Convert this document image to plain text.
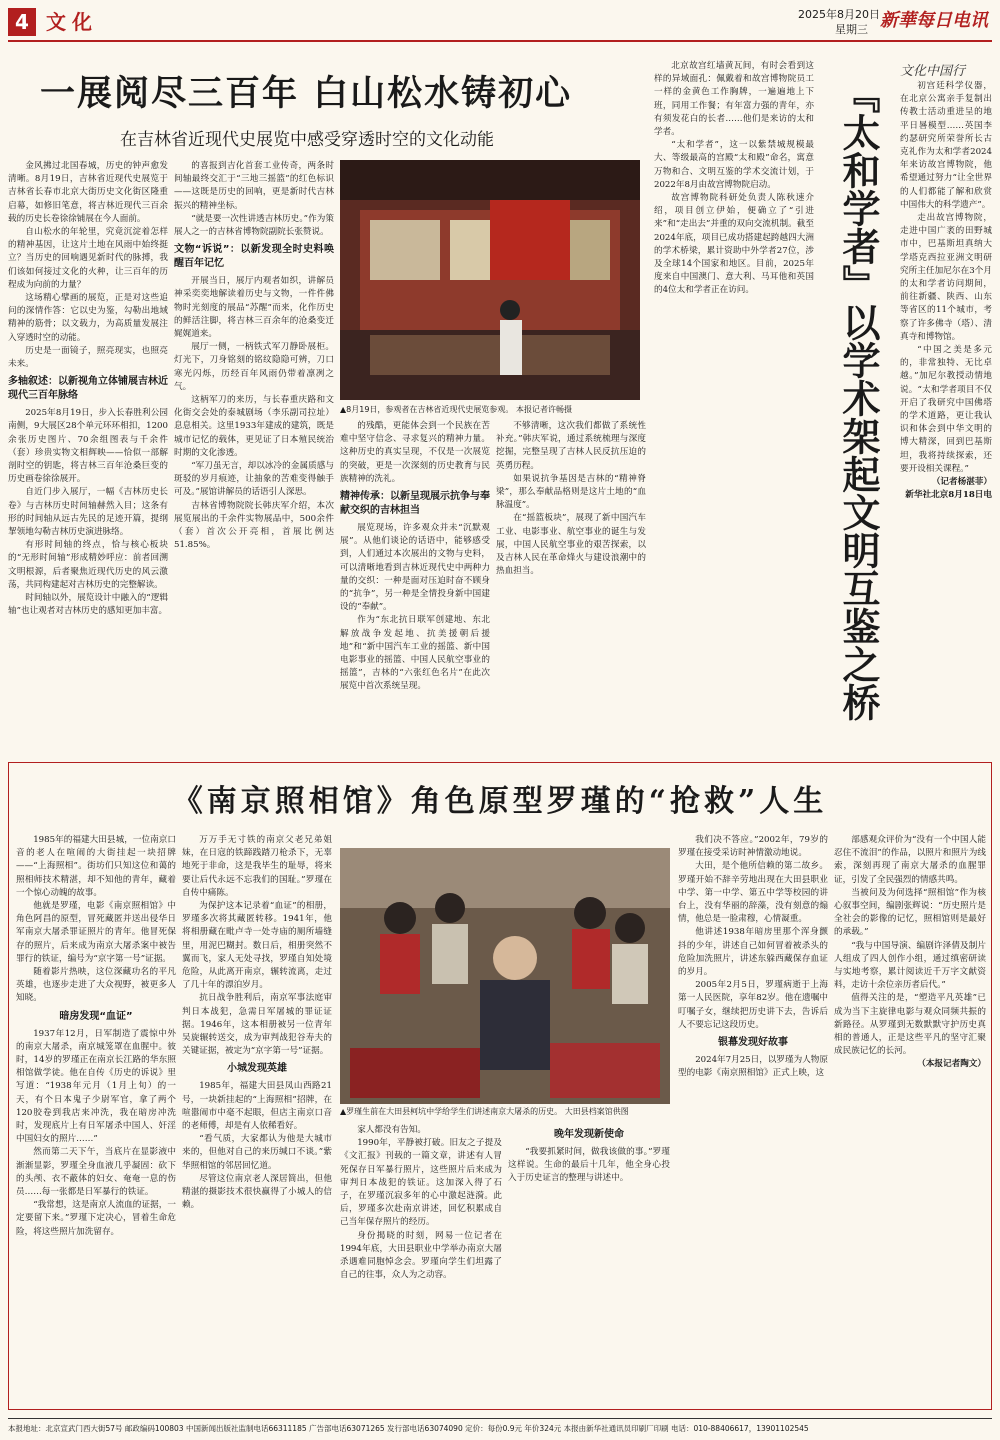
4 文化	2025年8月20日
星期三 新華每日电讯
一展阅尽三百年 白山松水铸初心
在吉林省近现代史展览中感受穿透时空的文化动能

金风拂过北国春城，历史的钟声愈发清晰。8月19日，吉林省近现代史展览于吉林省长春市北京大街历史文化街区隆重启幕，如修旧笔意，将吉林近现代三百余载的历史长卷徐徐铺展在今人面前。

自山松水的年轮里，究竟沉淀着怎样的精神基因，让这片土地在风雨中始终挺立？当历史的回响遇见新时代的脉搏，我们该如何接过文化的火种，让三百年的历程成为向前的力量？

这场精心擘画的展览，正是对这些追问的深情作答：它以史为鉴，勾勒出地域精神的筋骨；以文载力，为高质量发展注入穿透时空的动能。

历史是一面镜子，照亮现实，也照亮未来。

多轴叙述：以新视角立体铺展吉林近现代三百年脉络

2025年8月19日，步入长春胜利公园南侧，9大展区28个单元环环相扣，1200余张历史图片、70余组图表与千余件（套）珍贵实物文相辉映——恰似一部解剖时空的钥匙，将吉林三百年沧桑巨变的历史画卷徐徐展开。

自近门步入展厅，一幅《吉林历史长卷》与吉林历史时间轴赫然入目；这条有形的时间轴从远古先民的足迹开篇，提纲挈领地勾勒吉林历史演进脉络。

有形时间轴的终点，恰与核心板块的“无形时间轴”形成精妙呼应：前者回溯文明根源，后者聚焦近现代历史的风云激荡，共同构建起对吉林历史的完整解读。

时间轴以外，展览设计中融入的“逻辑轴”也让观者对吉林历史的感知更加丰富。

的喜报到吉化首套工业传奇，两条时间轴最终交汇于“三地三摇篮”的红色标识——这既是历史的回响，更是新时代吉林振兴的精神坐标。

“就是要一次性讲透吉林历史。”作为策展人之一的吉林省博物院副院长张赞说。

文物“诉说”：以新发现全时史料唤醒百年记忆

开展当日，展厅内观者如织，讲解员神采奕奕地解读着历史与文物，一件件佛物时光刻度的展品“苏醒”而来，化作历史的鲜活注脚，将吉林三百余年的沧桑变迁娓娓道来。

展厅一侧，一柄铁式军刀静卧展柜。灯光下，刀身铭刻的铭纹隐隐可辨，刀口寒光闪烁，历经百年风雨仍带着凛冽之气。

这柄军刀的来历，与长春重庆路和文化街交会处的泰城剧场（李乐副司拉址）息息相关。这里1933年建成的建筑，既是城市记忆的载体，更见证了日本殖民统治时期的文化渗透。

“军刀虽无言，却以冰冷的金属质感与斑驳的岁月痕迹，让抽象的苦难变得触手可及。”展馆讲解员的话语引人深思。

吉林省博物院院长韩庆军介绍，本次展览展出的千余件实物展品中，500余件（套）首次公开亮相，首展比例达51.85%。

▲8月19日，参观者在吉林省近现代史展览参观。 本报记者许畅摄

的残酷，更能体会到一个民族在苦难中坚守信念、寻求复兴的精神力量。这种历史的真实呈现，不仅是一次展览的突破，更是一次深刻的历史教育与民族精神的洗礼。

精神传承：以新呈现展示抗争与奉献交织的吉林担当

展览现场，许多观众并未“沉默观展”。从他们谈论的话语中，能够感受到，人们通过本次展出的文物与史料，可以清晰地看到吉林近现代史中两种力量的交织：一种是面对压迫时奋不顾身的“抗争”，另一种是全情投身新中国建设的“奉献”。

作为“东北抗日联军创建地、东北解放战争发起地、抗美援朝后援地”和“新中国汽车工业的摇篮、新中国电影事业的摇篮、中国人民航空事业的摇篮”，吉林的“六张红色名片”在此次展览中首次系统呈现。

不够清晰，这次我们都做了系统性补充。”韩庆军说，通过系统梳理与深度挖掘，完整呈现了吉林人民反抗压迫的英勇历程。

如果说抗争基因是吉林的“精神脊梁”，那么奉献品格则是这片土地的“血脉温度”。

在“摇篮板块”，展现了新中国汽车工业、电影事业、航空事业的诞生与发展，中国人民航空事业的艰苦探索，以及吉林人民在革命烽火与建设浪潮中的热血担当。

北京故宫红墙黄瓦间，有时会看到这样的异域面孔：佩戴着和故宫博物院员工一样的金黄色工作胸牌，一遍遍地上下班，同用工作餐；有年富力强的青年，亦有须发花白的长者……他们是来访的太和学者。

“太和学者”，这一以紫禁城规模最大、等级最高的宫殿“太和殿”命名，寓意万物和合、文明互鉴的学术交流计划，于2022年8月由故宫博物院启动。

故宫博物院科研处负责人陈秋速介绍，项目创立伊始，便确立了“引进来”和“走出去”并重的双向交流机制。截至2024年底，项目已成功搭建起跨越四大洲的学术桥梁，累计资助中外学者27位，涉及全球14个国家和地区。目前，2025年度来自中国澳门、意大利、马耳他和英国的4位太和学者正在访问。

文化中国行
『太和学者』以学术架起文明互鉴之桥	初宫廷科学仪器，在北京公寓亲手复制出传教士活动重进呈的地平日晷模型……英国李约瑟研究所荣誉所长古克礼作为太和学者2024年来访故宫博物院，他希望通过努力“让全世界的人们都能了解和欣赏中国伟大的科学遗产”。

走出故宫博物院，走进中国广袤的田野城市中，巴基斯坦真纳大学塔克西拉亚洲文明研究所主任加尼尔在3个月的太和学者访问期间，前往新疆、陕西、山东等省区的11个城市，考察了许多佛寺（塔）、清真寺和博物馆。

“中国之美是多元的，非常独特、无比卓越。”加尼尔教授动情地说。“太和学者项目不仅开启了我研究中国佛塔的学术道路，更让我认识和体会到中华文明的博大精深，回到巴基斯坦，我将持续探索，还要开设相关课程。”

（记者杨湛菲）
新华社北京8月18日电
《南京照相馆》角色原型罗瑾的“抢救”人生

1985年的福建大田县城，一位南京口音的老人在喧闹的大街挂起一块招牌——“上海照相”。街坊们只知这位和蔼的照相师技术精湛，却不知他的青年，藏着一个惊心动魄的故事。

他就是罗瑾，电影《南京照相馆》中角色阿昌的原型，冒死藏匿并送出侵华日军南京大屠杀罪证照片的青年。他冒死保存的照片，后来成为南京大屠杀案中被告罪行的铁证，编号为“京字第一号”证据。

随着影片热映，这位深藏功名的平凡英雄，也逐步走进了大众视野，被更多人知晓。

暗房发现“血证”

1937年12月，日军制造了震惊中外的南京大屠杀，南京城笼罩在血腥中。彼时，14岁的罗瑾正在南京长江路的华东照相馆做学徒。他在自传《历史的诉说》里写道：“1938年元月（1月上旬）的一天，有个日本鬼子少尉军官，拿了两个120胶卷到我店来冲洗，我在暗房冲洗时，发现底片上有日军屠杀中国人、奸淫中国妇女的照片……”

然而第二天下午，当底片在显影液中渐渐显影，罗瑾全身血液几乎凝固：砍下的头颅、衣不蔽体的妇女、奄奄一息的伤员……每一张都是日军暴行的铁证。

“我常想，这是南京人流血的证据，一定要留下来。”罗瑾下定决心，冒着生命危险，将这些照片加洗留存。

万万手无寸铁的南京父老兄弟姐妹，在日寇的铁蹄践踏刀枪杀下，无辜地死于非命，这是我毕生的耻辱，将来要让后代永远不忘我们的国耻。”罗瑾在自传中痛陈。

为保护这本记录着“血证”的相册，罗瑾多次将其藏匿转移。1941年，他将相册藏在毗卢寺一处寺庙的厕所墙缝里，用泥巴糊封。数日后，相册突然不翼而飞，家人无处寻找，罗瑾自知处境危险，从此离开南京，辗转流离，走过了几十年的漂泊岁月。

抗日战争胜利后，南京军事法庭审判日本战犯，急需日军屠城的罪证证据。1946年，这本相册被另一位青年吴旋辗转送交，成为审判战犯谷寿夫的关键证据，被定为“京字第一号”证据。

小城发现英雄

1985年，福建大田县凤山西路21号，一块新挂起的“上海照相”招牌，在喧嚣闹市中毫不起眼，但店主南京口音的老师傅，却是有人依稀看好。

“看气质，大家都认为他是大城市来的，但他对自己的来历缄口不谈。”紫华照相馆的邻居回忆道。

尽管这位南京老人深居简出，但他精湛的摄影技术很快赢得了小城人的信赖。

▲罗瑾生前在大田县柯坑中学给学生们讲述南京大屠杀的历史。 大田县档案馆供图

家人都没有告知。

1990年，平静被打破。旧友之子提及《文汇报》刊载的一篇文章，讲述有人冒死保存日军暴行照片，这些照片后来成为审判日本战犯的铁证。这加深入得了石子，在罗瑾沉寂多年的心中激起涟漪。此后，罗瑾多次赴南京讲述，回忆积累成自己当年保存照片的经历。

身份揭晓的时刻，网易一位记者在1994年底，大田县职业中学举办南京大屠杀遇难同胞悼念会。罗瑾向学生们坦露了自己的往事，众人为之动容。

晚年发现新使命

“我要抓紧时间，做我该做的事。”罗瑾这样说。生命的最后十几年，他全身心投入于历史证言的整理与讲述中。

我们决不答应。”2002年，79岁的罗瑾在接受采访时神情激动地说。

大田，是个他所信赖的第二故乡。罗瑾开始不辞辛劳地出现在大田县职业中学、第一中学、第五中学等校园的讲台上，没有华丽的辞藻，没有刻意的煽情，他总是一脸肃穆，心情凝重。

他讲述1938年暗房里那个浑身颤抖的少年，讲述自己如何冒着被杀头的危险加洗照片，讲述东躲西藏保存血证的岁月。

2005年2月5日，罗瑾病逝于上海第一人民医院，享年82岁。他在遗嘱中叮嘱子女，继续把历史讲下去，告诉后人不要忘记这段历史。

银幕发现好故事

2024年7月25日，以罗瑾为人物原型的电影《南京照相馆》正式上映，这

部感观众评价为“没有一个中国人能忍住不流泪”的作品，以照片和照片为线索，深刻再现了南京大屠杀的血腥罪证，引发了全民强烈的情感共鸣。

当被问及为何选择“照相馆”作为核心叙事空间，编剧张辉说：“历史照片是全社会的影像的记忆，照相馆则是最好的承载。”

“我与中国导演、编剧许泽倩及制片人组成了四人创作小组，通过缜密研读与实地考察，累计阅读近千万字文献资料，走访十余位亲历者后代。”

值得关注的是，“塑造平凡英雄”已成为当下主旋律电影与观众同频共振的新路径。从罗瑾到无数默默守护历史真相的普通人，正是这些平凡的坚守汇聚成民族记忆的长河。

（本报记者陶文）
本报地址：北京宣武门西大街57号 邮政编码100803 中国新闻出版社监制电话66311185 广告部电话63071265 发行部电话63074090 定价：每份0.9元 年价324元 本报由新华社通讯员印刷厂印刷 电话：010-88406617，13901102545
